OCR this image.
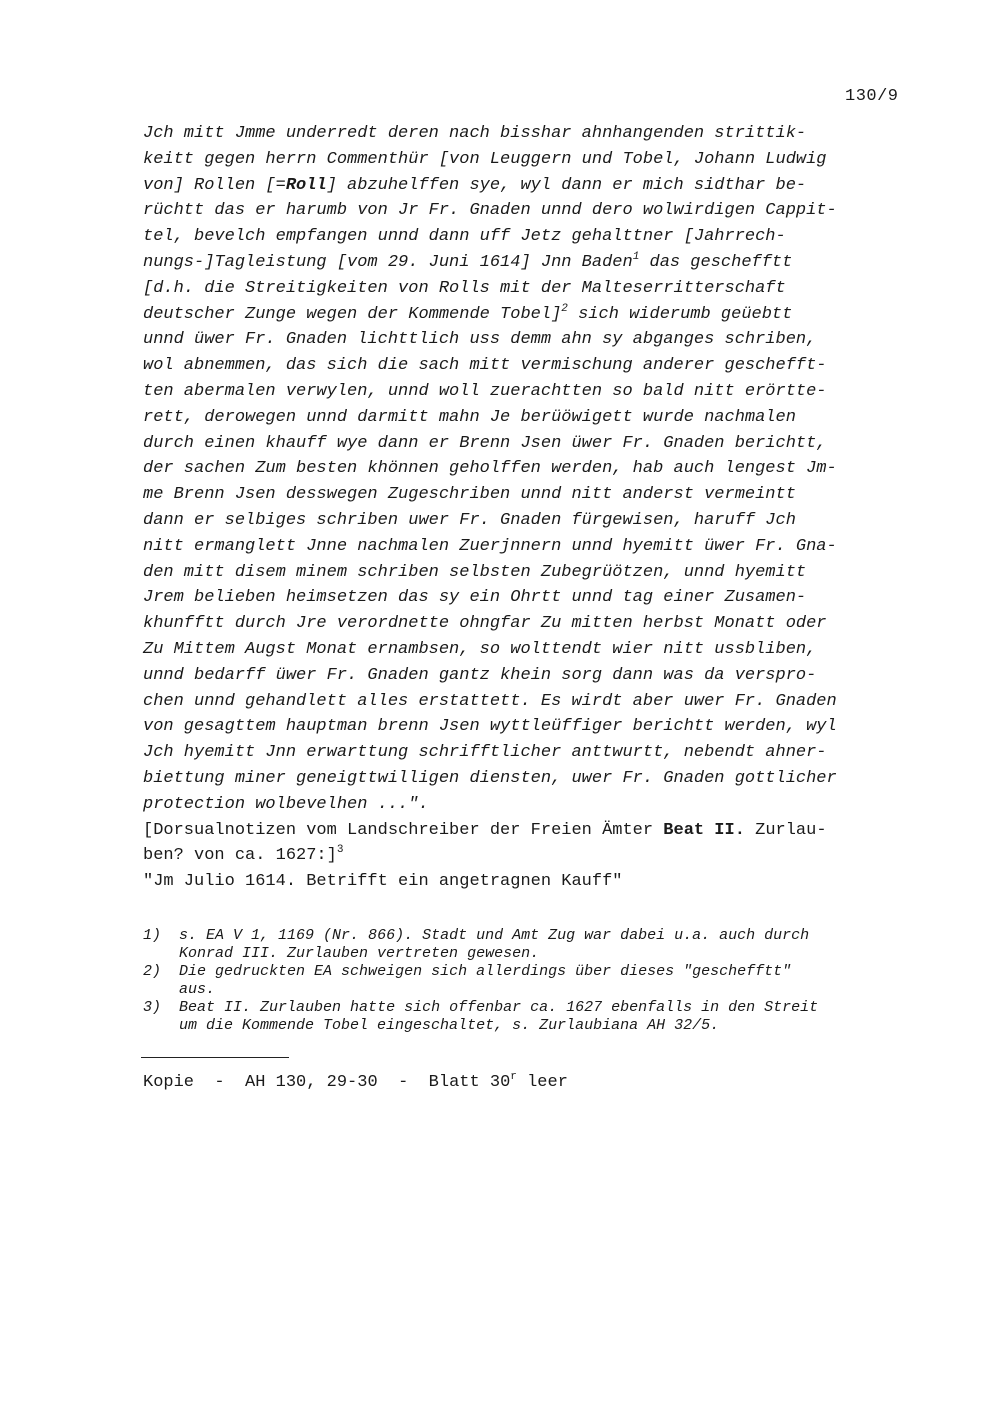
130/9
Jch mitt Jmme underredt deren nach bisshar ahnhangenden strittik-
keitt gegen herrn Commenthür [von Leuggern und Tobel, Johann Ludwig
von] Rollen [=Roll] abzuhelffen sye, wyl dann er mich sidthar be-
rüchtt das er harumb von Jr Fr. Gnaden unnd dero wolwirdigen Cappit-
tel, bevelch empfangen unnd dann uff Jetz gehalttner [Jahrrech-
nungs-]Tagleistung [vom 29. Juni 1614] Jnn Baden$^1$ das geschefftt
[d.h. die Streitigkeiten von Rolls mit der Malteserritterschaft
deutscher Zunge wegen der Kommende Tobel]$^2$ sich widerumb geüebtt
unnd üwer Fr. Gnaden lichttlich uss demm ahn sy abganges schriben,
wol abnemmen, das sich die sach mitt vermischung anderer geschefft-
ten abermalen verwylen, unnd woll zuerachtten so bald nitt erörtte-
rett, derowegen unnd darmitt mahn Je berüöwigett wurde nachmalen
durch einen khauff wye dann er Brenn Jsen üwer Fr. Gnaden berichtt,
der sachen Zum besten khönnen geholffen werden, hab auch lengest Jm-
me Brenn Jsen desswegen Zugeschriben unnd nitt anderst vermeintt
dann er selbiges schriben uwer Fr. Gnaden fürgewisen, haruff Jch
nitt ermanglett Jnne nachmalen Zuerjnnern unnd hyemitt üwer Fr. Gna-
den mitt disem minem schriben selbsten Zubegrüötzen, unnd hyemitt
Jrem belieben heimsetzen das sy ein Ohrtt unnd tag einer Zusamen-
khunfftt durch Jre verordnette ohngfar Zu mitten herbst Monatt oder
Zu Mittem Augst Monat ernambsen, so wolttendt wier nitt ussbliben,
unnd bedarff üwer Fr. Gnaden gantz khein sorg dann was da verspro-
chen unnd gehandlett alles erstattett. Es wirdt aber uwer Fr. Gnaden
von gesagttem hauptman brenn Jsen wyttleüffiger berichtt werden, wyl
Jch hyemitt Jnn erwarttung schrifftlicher anttwurtt, nebendt ahner-
biettung miner geneigttwilligen diensten, uwer Fr. Gnaden gottlicher
protection wolbevelhen ...".
[Dorsualnotizen vom Landschreiber der Freien Ämter Beat II. Zurlau-
ben? von ca. 1627:]$^3$
"Jm Julio 1614. Betrifft ein angetragnen Kauff"
1) s. EA V 1, 1169 (Nr. 866). Stadt und Amt Zug war dabei u.a. auch durch
Konrad III. Zurlauben vertreten gewesen.
2) Die gedruckten EA schweigen sich allerdings über dieses "geschefftt"
aus.
3) Beat II. Zurlauben hatte sich offenbar ca. 1627 ebenfalls in den Streit
um die Kommende Tobel eingeschaltet, s. Zurlaubiana AH 32/5.
Kopie - AH 130, 29-30 - Blatt 30$^r$ leer
